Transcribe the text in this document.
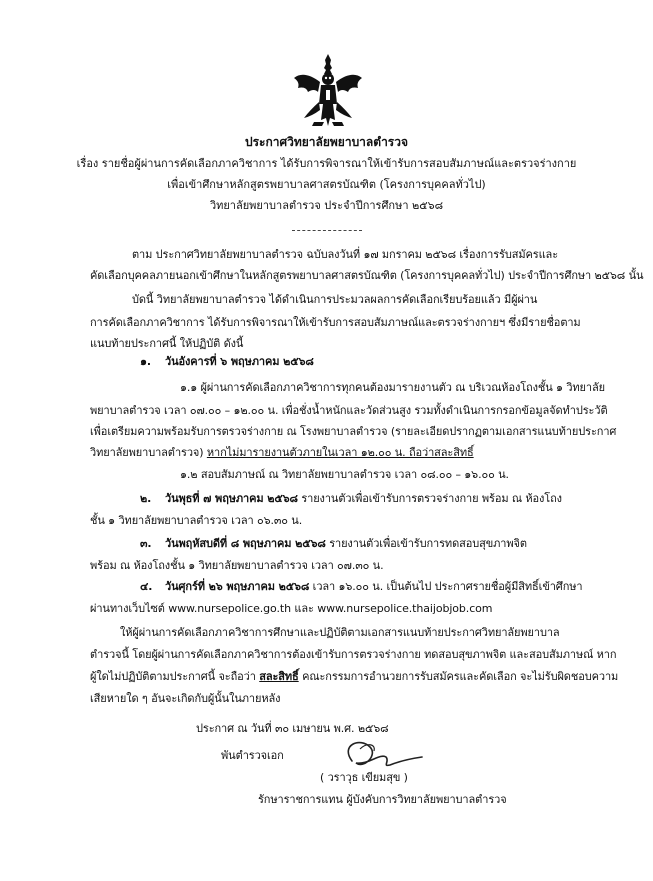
ประกาศวิทยาลัยพยาบาลตำรวจ
เรื่อง รายชื่อผู้ผ่านการคัดเลือกภาควิชาการ ได้รับการพิจารณาให้เข้ารับการสอบสัมภาษณ์และตรวจร่างกาย
เพื่อเข้าศึกษาหลักสูตรพยาบาลศาสตรบัณฑิต (โครงการบุคคลทั่วไป)
วิทยาลัยพยาบาลตำรวจ ประจำปีการศึกษา ๒๕๖๘
ตาม ประกาศวิทยาลัยพยาบาลตำรวจ ฉบับลงวันที่ ๑๗ มกราคม ๒๕๖๘ เรื่องการรับสมัครและ
คัดเลือกบุคคลภายนอกเข้าศึกษาในหลักสูตรพยาบาลศาสตรบัณฑิต (โครงการบุคคลทั่วไป) ประจำปีการศึกษา ๒๕๖๘ นั้น
บัดนี้ วิทยาลัยพยาบาลตำรวจ ได้ดำเนินการประมวลผลการคัดเลือกเรียบร้อยแล้ว มีผู้ผ่าน
การคัดเลือกภาควิชาการ ได้รับการพิจารณาให้เข้ารับการสอบสัมภาษณ์และตรวจร่างกายฯ ซึ่งมีรายชื่อตาม
แนบท้ายประกาศนี้ ให้ปฏิบัติ ดังนี้
๑. วันอังคารที่ ๖ พฤษภาคม ๒๕๖๘
๑.๑ ผู้ผ่านการคัดเลือกภาควิชาการทุกคนต้องมารายงานตัว ณ บริเวณห้องโถงชั้น ๑ วิทยาลัย
พยาบาลตำรวจ เวลา ๐๗.๐๐ – ๑๒.๐๐ น. เพื่อชั่งน้ำหนักและวัดส่วนสูง รวมทั้งดำเนินการกรอกข้อมูลจัดทำประวัติ
เพื่อเตรียมความพร้อมรับการตรวจร่างกาย ณ โรงพยาบาลตำรวจ (รายละเอียดปรากฏตามเอกสารแนบท้ายประกาศ
วิทยาลัยพยาบาลตำรวจ) หากไม่มารายงานตัวภายในเวลา ๑๒.๐๐ น. ถือว่าสละสิทธิ์
๑.๒ สอบสัมภาษณ์ ณ วิทยาลัยพยาบาลตำรวจ เวลา ๐๘.๐๐ – ๑๖.๐๐ น.
๒. วันพุธที่ ๗ พฤษภาคม ๒๕๖๘ รายงานตัวเพื่อเข้ารับการตรวจร่างกาย พร้อม ณ ห้องโถง
ชั้น ๑ วิทยาลัยพยาบาลตำรวจ เวลา ๐๖.๓๐ น.
๓. วันพฤหัสบดีที่ ๘ พฤษภาคม ๒๕๖๘ รายงานตัวเพื่อเข้ารับการทดสอบสุขภาพจิต
พร้อม ณ ห้องโถงชั้น ๑ วิทยาลัยพยาบาลตำรวจ เวลา ๐๗.๓๐ น.
๔. วันศุกร์ที่ ๒๖ พฤษภาคม ๒๕๖๘ เวลา ๑๖.๐๐ น. เป็นต้นไป ประกาศรายชื่อผู้มีสิทธิ์เข้าศึกษา
ผ่านทางเว็บไซต์ www.nursepolice.go.th และ www.nursepolice.thaijobjob.com
ให้ผู้ผ่านการคัดเลือกภาควิชาการศึกษาและปฏิบัติตามเอกสารแนบท้ายประกาศวิทยาลัยพยาบาล
ตำรวจนี้ โดยผู้ผ่านการคัดเลือกภาควิชาการต้องเข้ารับการตรวจร่างกาย ทดสอบสุขภาพจิต และสอบสัมภาษณ์ หาก
ผู้ใดไม่ปฏิบัติตามประกาศนี้ จะถือว่า สละสิทธิ์ คณะกรรมการอำนวยการรับสมัครและคัดเลือก จะไม่รับผิดชอบความ
เสียหายใด ๆ อันจะเกิดกับผู้นั้นในภายหลัง
ประกาศ ณ วันที่ ๓๐ เมษายน พ.ศ. ๒๕๖๘
พันตำรวจเอก
( วราวุธ เขียมสุข )
รักษาราชการแทน ผู้บังคับการวิทยาลัยพยาบาลตำรวจ
